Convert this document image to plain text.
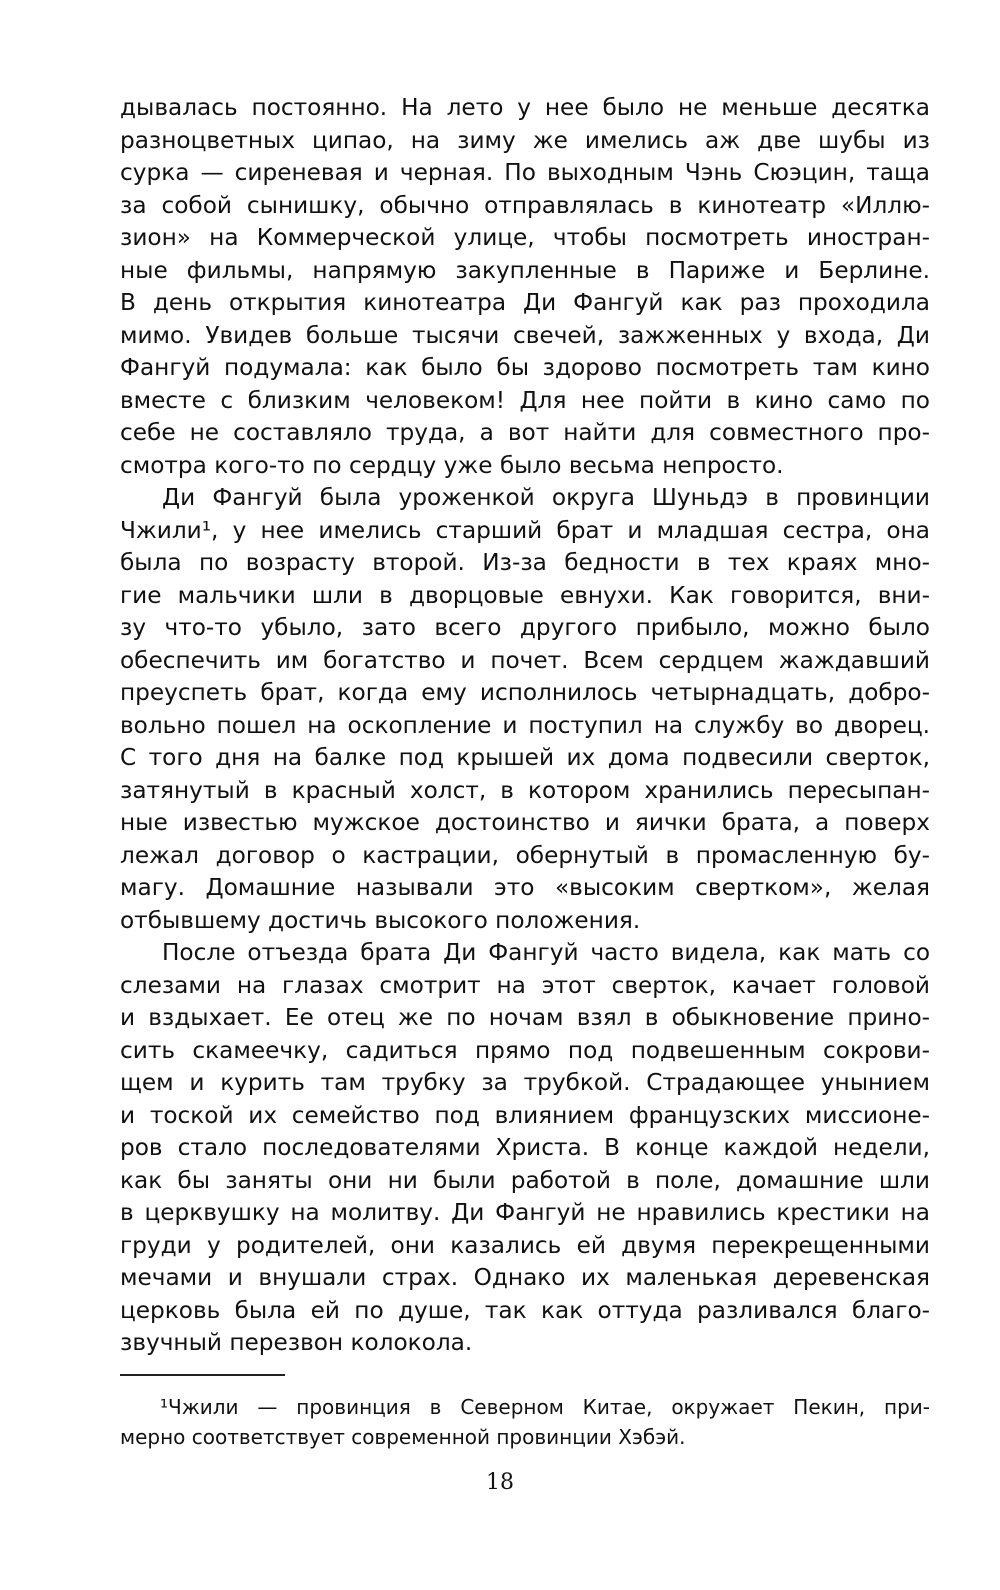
дывалась постоянно. На лето у нее было не меньше десятка
разноцветных ципао, на зиму же имелись аж две шубы из
сурка — сиреневая и черная. По выходным Чэнь Сюэцин, таща
за собой сынишку, обычно отправлялась в кинотеатр «Иллю-
зион» на Коммерческой улице, чтобы посмотреть иностран-
ные фильмы, напрямую закупленные в Париже и Берлине.
В день открытия кинотеатра Ди Фангуй как раз проходила
мимо. Увидев больше тысячи свечей, зажженных у входа, Ди
Фангуй подумала: как было бы здорово посмотреть там кино
вместе с близким человеком! Для нее пойти в кино само по
себе не составляло труда, а вот найти для совместного про-
смотра кого-то по сердцу уже было весьма непросто.

Ди Фангуй была уроженкой округа Шуньдэ в провинции
Чжили¹, у нее имелись старший брат и младшая сестра, она
была по возрасту второй. Из-за бедности в тех краях мно-
гие мальчики шли в дворцовые евнухи. Как говорится, вни-
зу что-то убыло, зато всего другого прибыло, можно было
обеспечить им богатство и почет. Всем сердцем жаждавший
преуспеть брат, когда ему исполнилось четырнадцать, добро-
вольно пошел на оскопление и поступил на службу во дворец.
С того дня на балке под крышей их дома подвесили сверток,
затянутый в красный холст, в котором хранились пересыпан-
ные известью мужское достоинство и яички брата, а поверх
лежал договор о кастрации, обернутый в промасленную бу-
магу. Домашние называли это «высоким свертком», желая
отбывшему достичь высокого положения.

После отъезда брата Ди Фангуй часто видела, как мать со
слезами на глазах смотрит на этот сверток, качает головой
и вздыхает. Ее отец же по ночам взял в обыкновение прино-
сить скамеечку, садиться прямо под подвешенным сокрови-
щем и курить там трубку за трубкой. Страдающее унынием
и тоской их семейство под влиянием французских миссионе-
ров стало последователями Христа. В конце каждой недели,
как бы заняты они ни были работой в поле, домашние шли
в церквушку на молитву. Ди Фангуй не нравились крестики на
груди у родителей, они казались ей двумя перекрещенными
мечами и внушали страх. Однако их маленькая деревенская
церковь была ей по душе, так как оттуда разливался благо-
звучный перезвон колокола.

¹Чжили — провинция в Северном Китае, окружает Пекин, при-
мерно соответствует современной провинции Хэбэй.
18
